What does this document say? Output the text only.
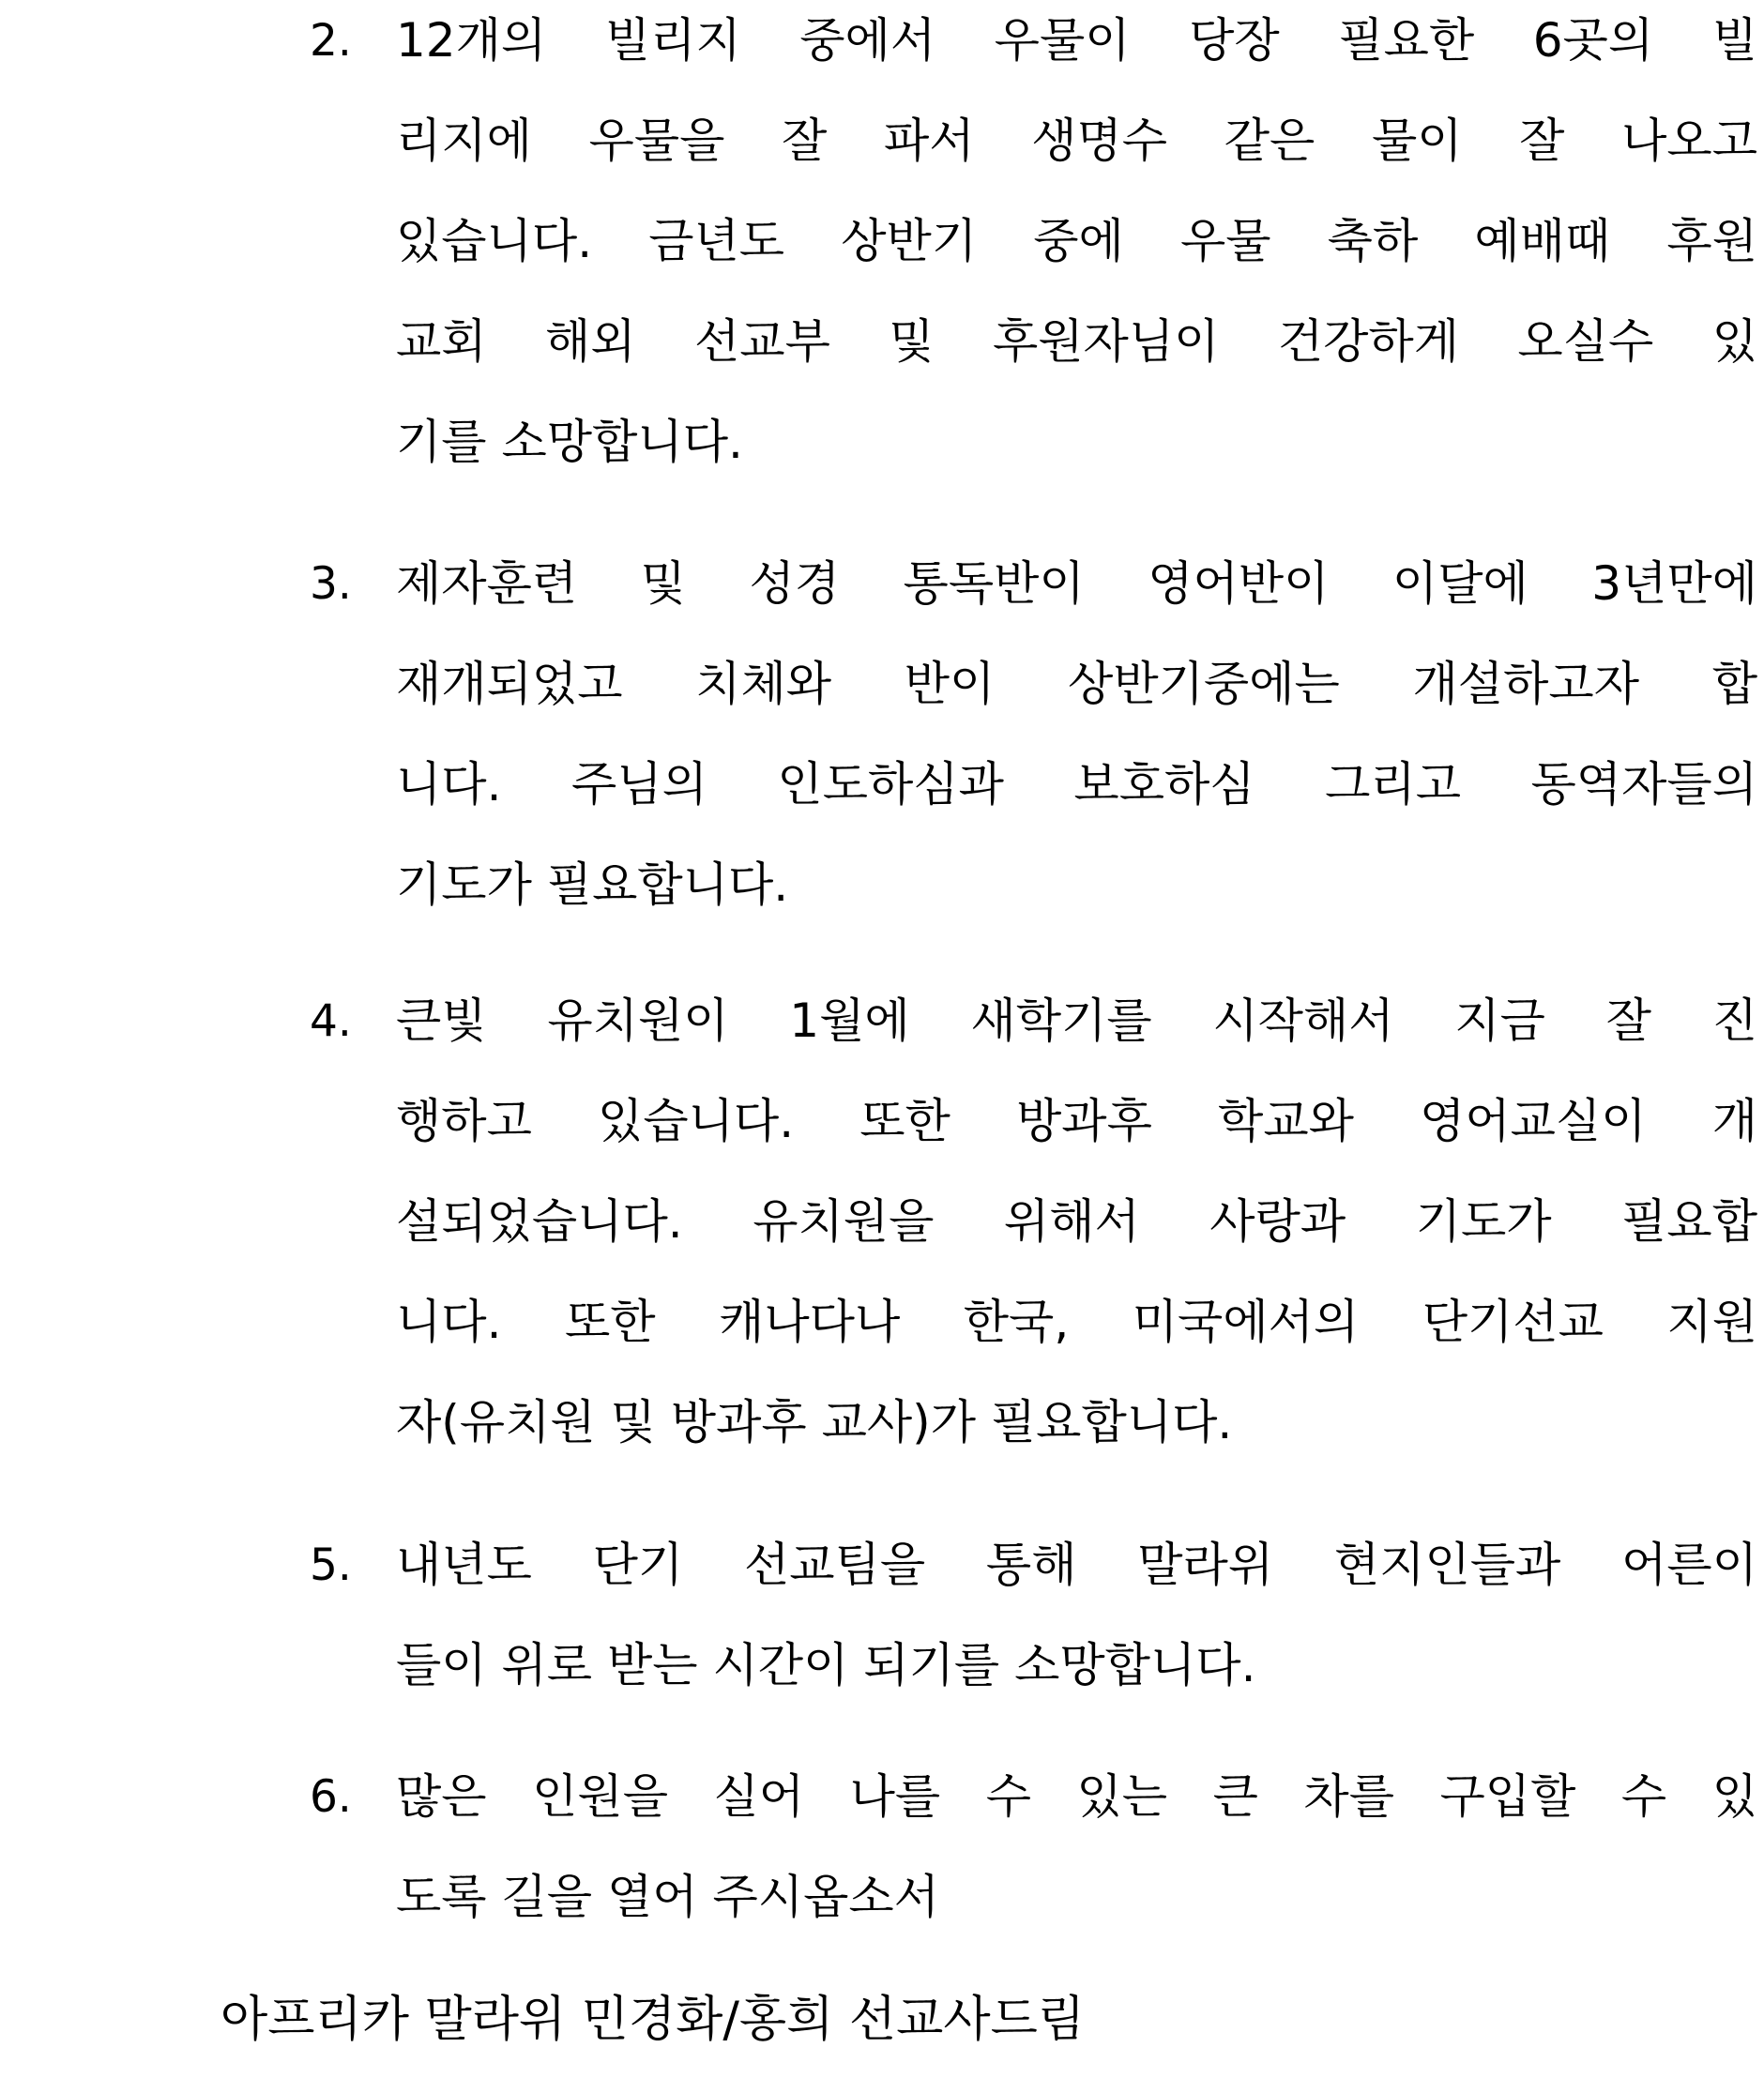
2. 12개의 빌리지 중에서 우물이 당장 필요한 6곳의 빌
리지에 우물을 잘 파서 생명수 같은 물이 잘 나오고
있습니다. 금년도 상반기 중에 우물 축하 예배때 후원
교회 해외 선교부 및 후원자님이 건강하게 오실수 있
기를 소망합니다.
3. 제자훈련 및 성경 통독반이 영어반이 이달에 3년만에
재개되었고 치체와 반이 상반기중에는 개설하고자 합
니다. 주님의 인도하심과 보호하심 그리고 동역자들의
기도가 필요합니다.
4. 큰빛 유치원이 1월에 새학기를 시작해서 지금 잘 진
행하고 있습니다. 또한 방과후 학교와 영어교실이 개
설되었습니다. 유치원을 위해서 사랑과 기도가 필요합
니다. 또한 캐나다나 한국, 미국에서의 단기선교 지원
자(유치원 및 방과후 교사)가 필요합니다.
5. 내년도 단기 선교팀을 통해 말라위 현지인들과 어른이
들이 위로 받는 시간이 되기를 소망합니다.
6. 많은 인원을 실어 나를 수 있는 큰 차를 구입할 수 있
도록 길을 열어 주시옵소서
아프리카 말라위 민경화/홍희 선교사드림
